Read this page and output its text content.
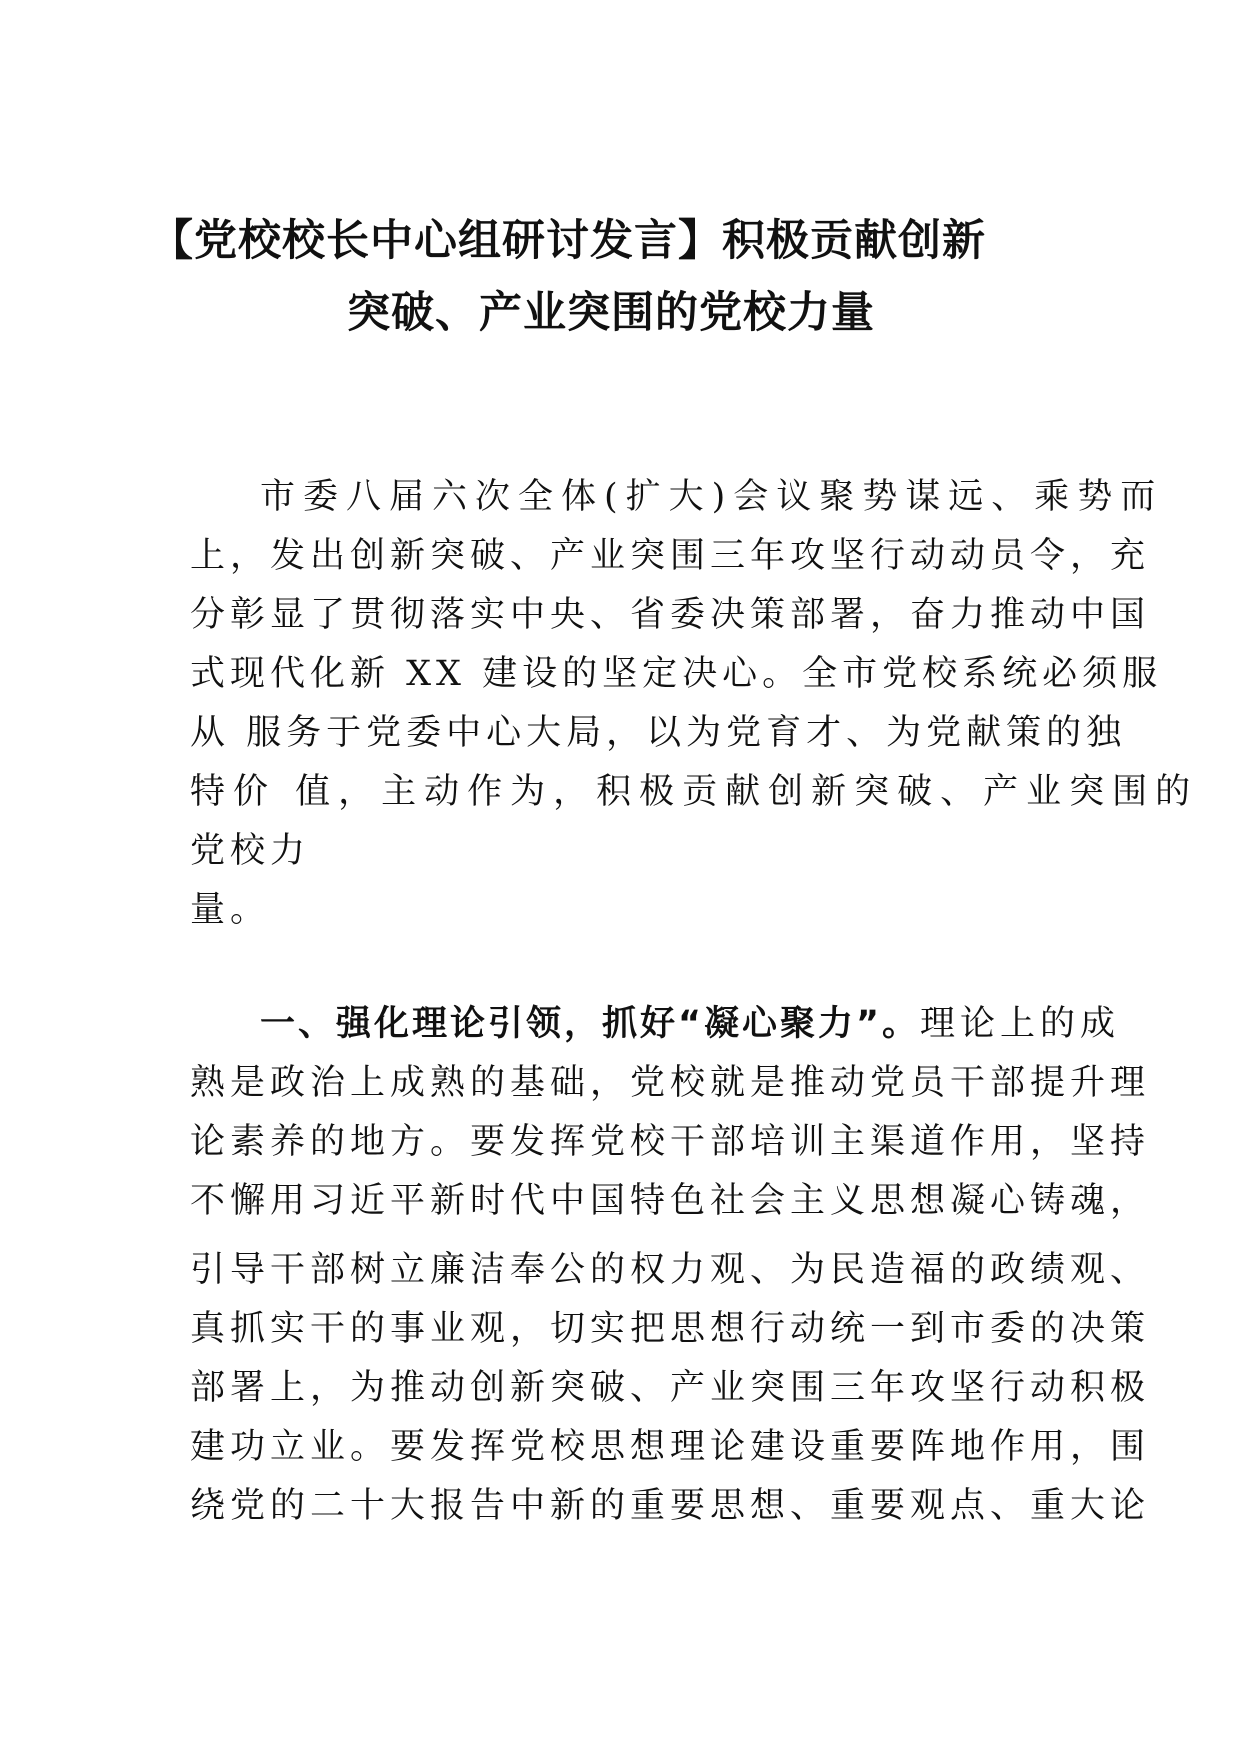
【党校校长中心组研讨发言】积极贡献创新
突破、产业突围的党校力量
市委八届六次全体(扩大)会议聚势谋远、乘势而
上，发出创新突破、产业突围三年攻坚行动动员令，充
分彰显了贯彻落实中央、省委决策部署，奋力推动中国
式现代化新 XX 建设的坚定决心。全市党校系统必须服
从 服务于党委中心大局，以为党育才、为党献策的独
特价 值，主动作为，积极贡献创新突破、产业突围的
党校力
量。
一、强化理论引领，抓好“凝心聚力”。理论上的成
熟是政治上成熟的基础，党校就是推动党员干部提升理
论素养的地方。要发挥党校干部培训主渠道作用，坚持
不懈用习近平新时代中国特色社会主义思想凝心铸魂，
引导干部树立廉洁奉公的权力观、为民造福的政绩观、
真抓实干的事业观，切实把思想行动统一到市委的决策
部署上，为推动创新突破、产业突围三年攻坚行动积极
建功立业。要发挥党校思想理论建设重要阵地作用，围
绕党的二十大报告中新的重要思想、重要观点、重大论
